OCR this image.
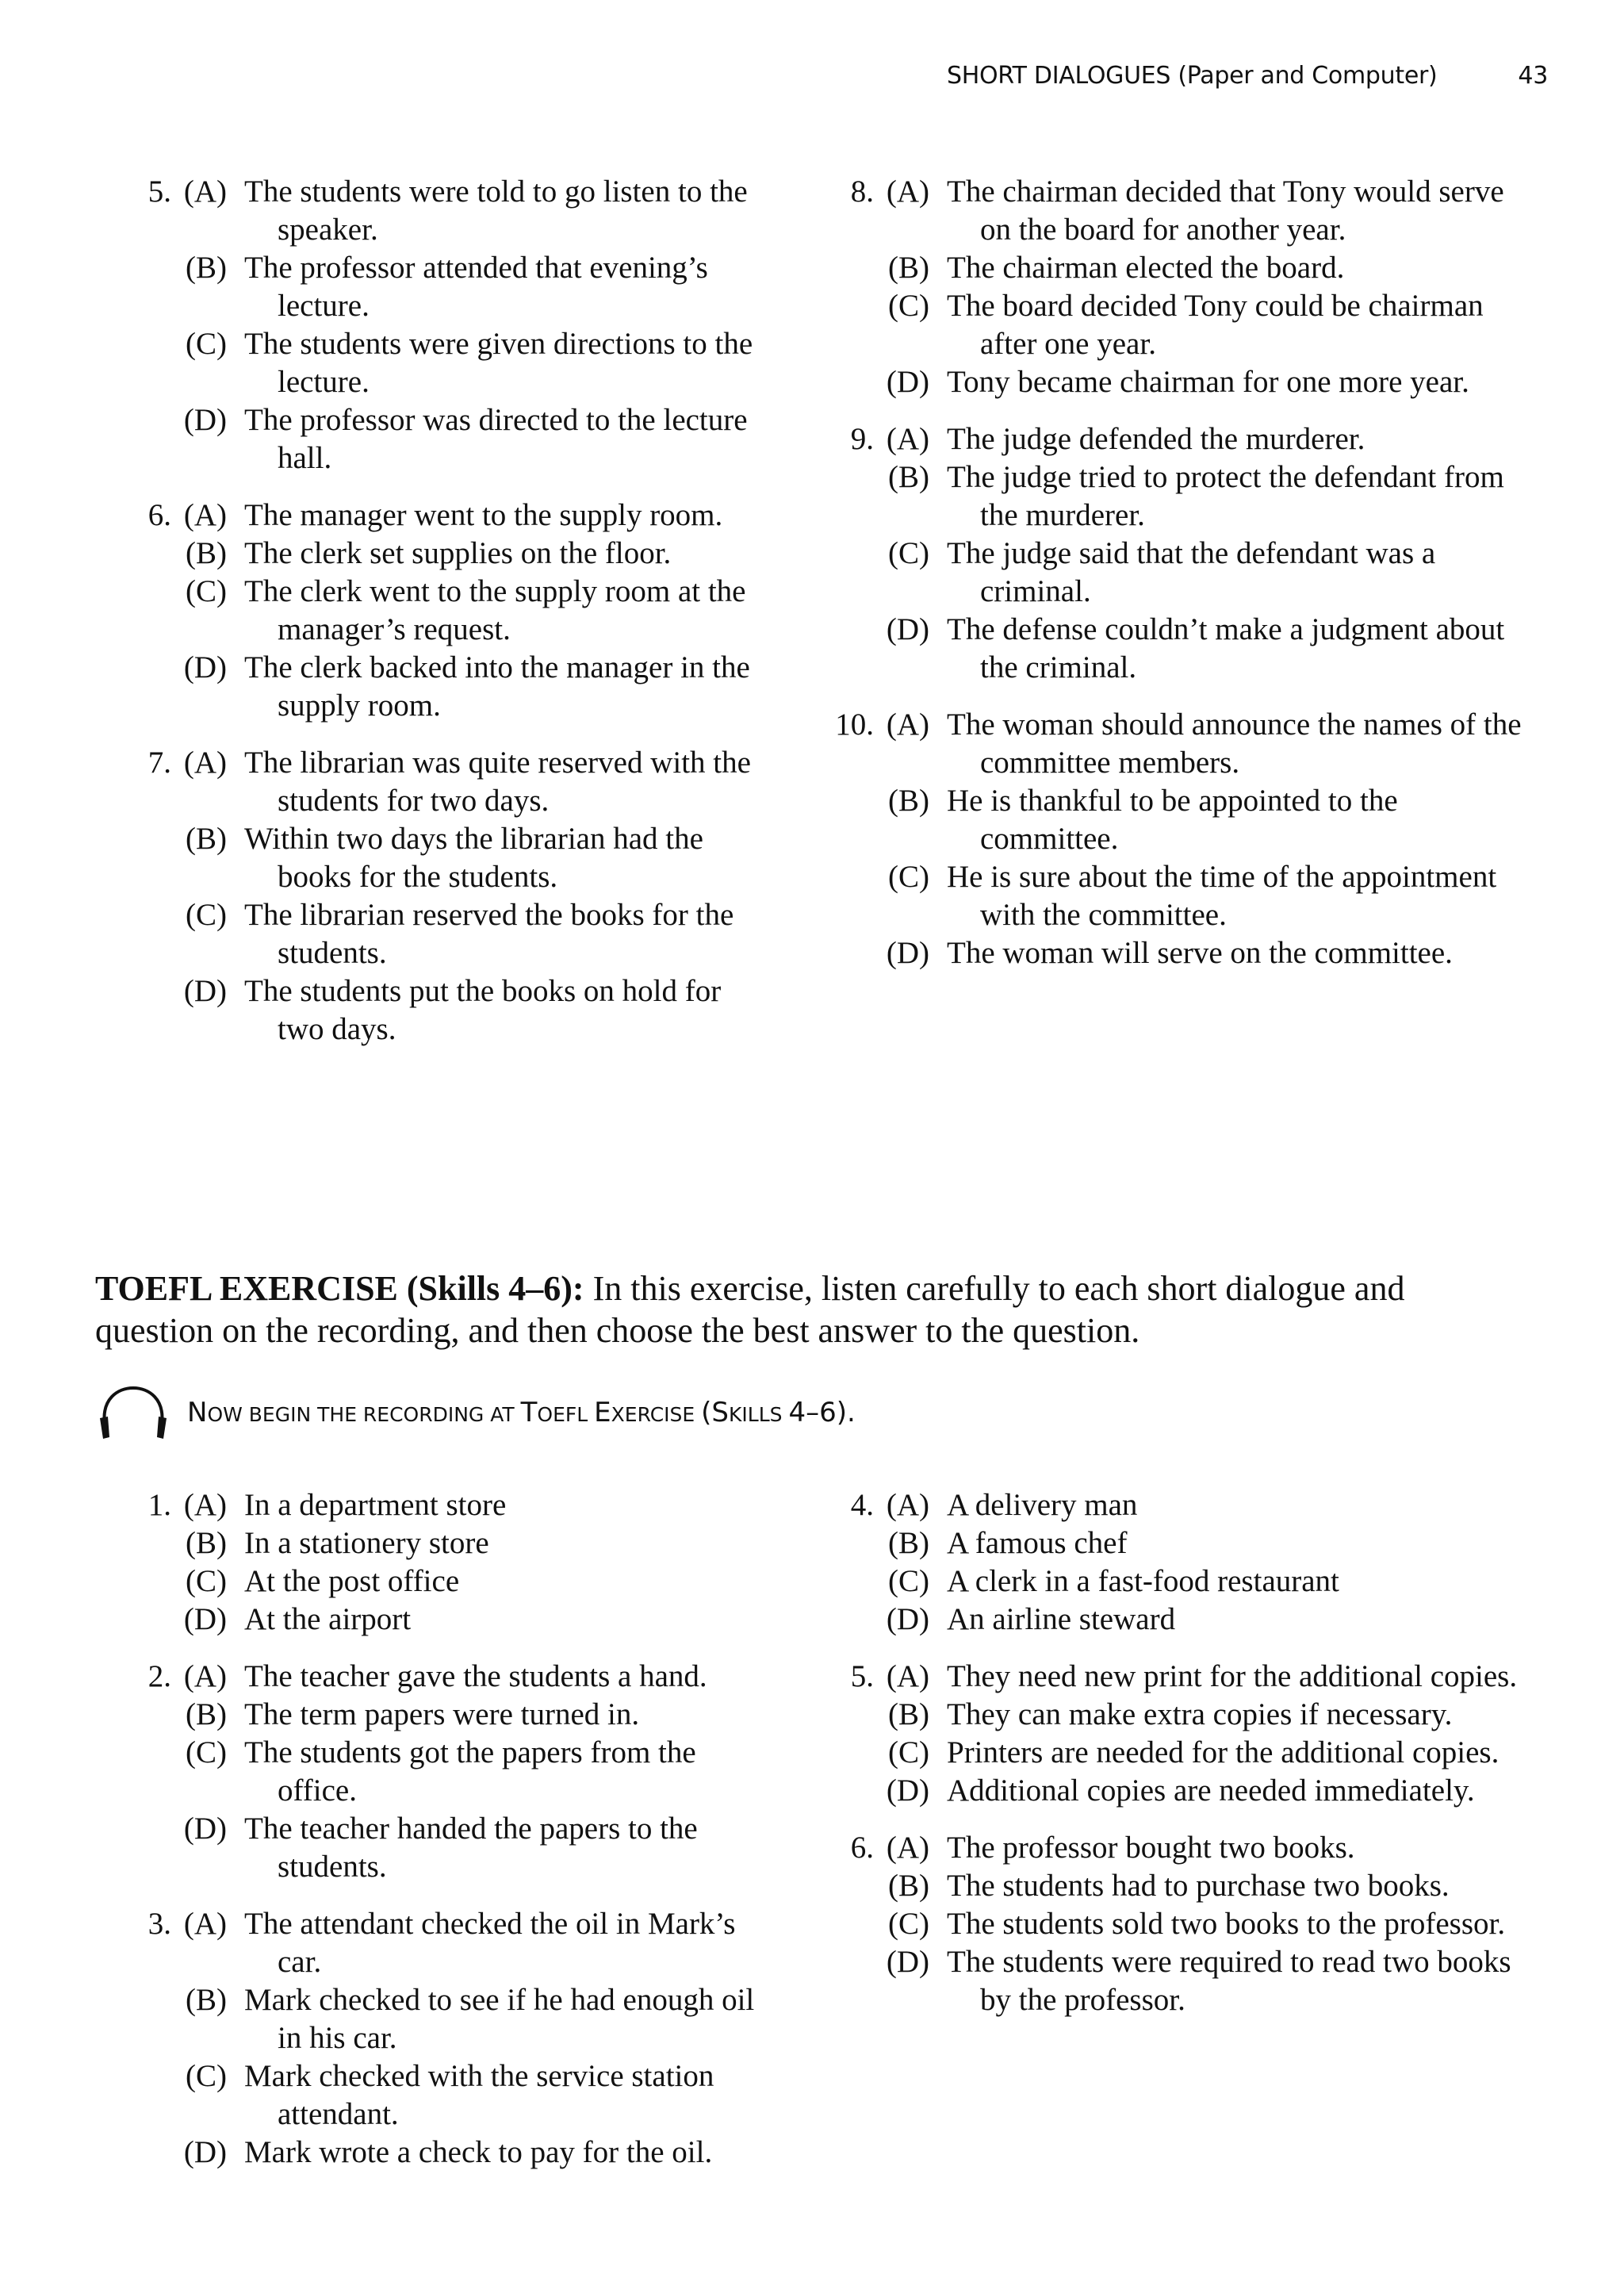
SHORT DIALOGUES (Paper and Computer)	43
5. (A) The students were told to go listen to the speaker.
(B) The professor attended that evening’s lecture.
(C) The students were given directions to the lecture.
(D) The professor was directed to the lecture hall.
6. (A) The manager went to the supply room.
(B) The clerk set supplies on the floor.
(C) The clerk went to the supply room at the manager’s request.
(D) The clerk backed into the manager in the supply room.
7. (A) The librarian was quite reserved with the students for two days.
(B) Within two days the librarian had the books for the students.
(C) The librarian reserved the books for the students.
(D) The students put the books on hold for two days.
8. (A) The chairman decided that Tony would serve on the board for another year.
(B) The chairman elected the board.
(C) The board decided Tony could be chairman after one year.
(D) Tony became chairman for one more year.
9. (A) The judge defended the murderer.
(B) The judge tried to protect the defendant from the murderer.
(C) The judge said that the defendant was a criminal.
(D) The defense couldn’t make a judgment about the criminal.
10. (A) The woman should announce the names of the committee members.
(B) He is thankful to be appointed to the committee.
(C) He is sure about the time of the appointment with the committee.
(D) The woman will serve on the committee.
TOEFL EXERCISE (Skills 4–6): In this exercise, listen carefully to each short dialogue and question on the recording, and then choose the best answer to the question.
NOW BEGIN THE RECORDING AT TOEFL EXERCISE (SKILLS 4–6).
1. (A) In a department store
(B) In a stationery store
(C) At the post office
(D) At the airport
2. (A) The teacher gave the students a hand.
(B) The term papers were turned in.
(C) The students got the papers from the office.
(D) The teacher handed the papers to the students.
3. (A) The attendant checked the oil in Mark’s car.
(B) Mark checked to see if he had enough oil in his car.
(C) Mark checked with the service station attendant.
(D) Mark wrote a check to pay for the oil.
4. (A) A delivery man
(B) A famous chef
(C) A clerk in a fast-food restaurant
(D) An airline steward
5. (A) They need new print for the additional copies.
(B) They can make extra copies if necessary.
(C) Printers are needed for the additional copies.
(D) Additional copies are needed immediately.
6. (A) The professor bought two books.
(B) The students had to purchase two books.
(C) The students sold two books to the professor.
(D) The students were required to read two books by the professor.
